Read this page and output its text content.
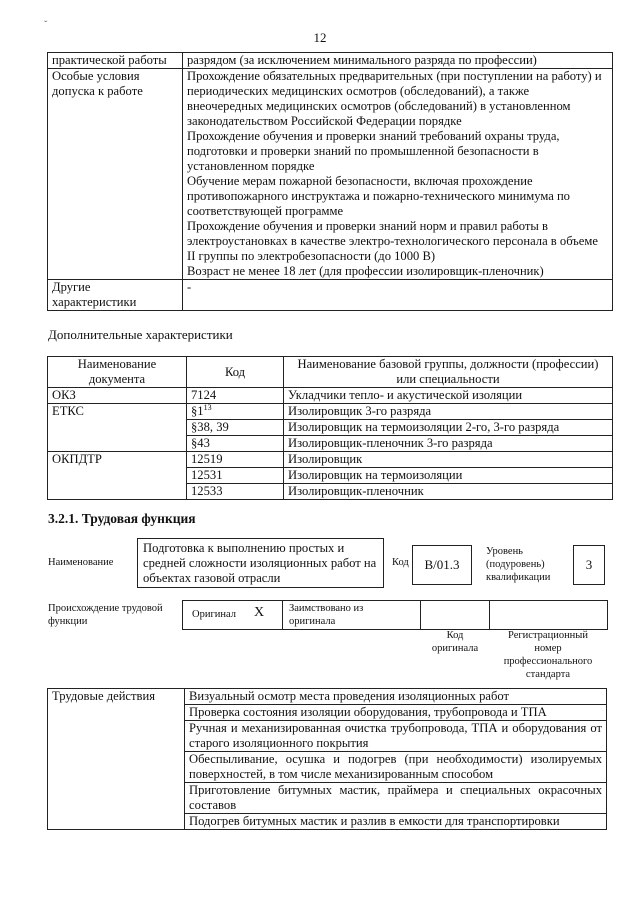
ˇ
12
практической работы	разрядом (за исключением минимального разряда по профессии)
Особые условия допуска к работе	Прохождение обязательных предварительных (при поступлении на работу) и периодических медицинских осмотров (обследований), а также внеочередных медицинских осмотров (обследований) в установленном законодательством Российской Федерации порядке

Прохождение обучения и проверки знаний требований охраны труда, подготовки и проверки знаний по промышленной безопасности в установленном порядке

Обучение мерам пожарной безопасности, включая прохождение противопожарного инструктажа и пожарно-технического минимума по соответствующей программе

Прохождение обучения и проверки знаний норм и правил работы в электроустановках в качестве электро-технологического персонала в объеме II группы по электробезопасности (до 1000 В)

Возраст не менее 18 лет (для профессии изолировщик-пленочник)

Другие характеристики	-
Дополнительные характеристики
Наименование документа	Код	Наименование базовой группы, должности (профессии) или специальности
ОКЗ	7124	Укладчики тепло- и акустической изоляции
ЕТКС	$\S 1^{13}$	Изолировщик 3-го разряда
	§38, 39	Изолировщик на термоизоляции 2-го, 3-го разряда
	§43	Изолировщик-пленочник 3-го разряда
ОКПДТР	12519	Изолировщик
	12531	Изолировщик на термоизоляции
	12533	Изолировщик-пленочник
3.2.1. Трудовая функция
Наименование
Подготовка к выполнению простых и средней сложности изоляционных работ на объектах газовой отрасли
Код	В/01.3
Уровень (подуровень) квалификации
3
Происхождение трудовой функции
Оригинал X Заимствовано из оригинала
Код оригинала
Регистрационный номер профессионального стандарта
Трудовые действия	Визуальный осмотр места проведения изоляционных работ
Проверка состояния изоляции оборудования, трубопровода и ТПА
Ручная и механизированная очистка трубопровода, ТПА и оборудования от старого изоляционного покрытия
Обеспыливание, осушка и подогрев (при необходимости) изолируемых поверхностей, в том числе механизированным способом
Приготовление битумных мастик, праймера и специальных окрасочных составов
Подогрев битумных мастик и разлив в емкости для транспортировки
